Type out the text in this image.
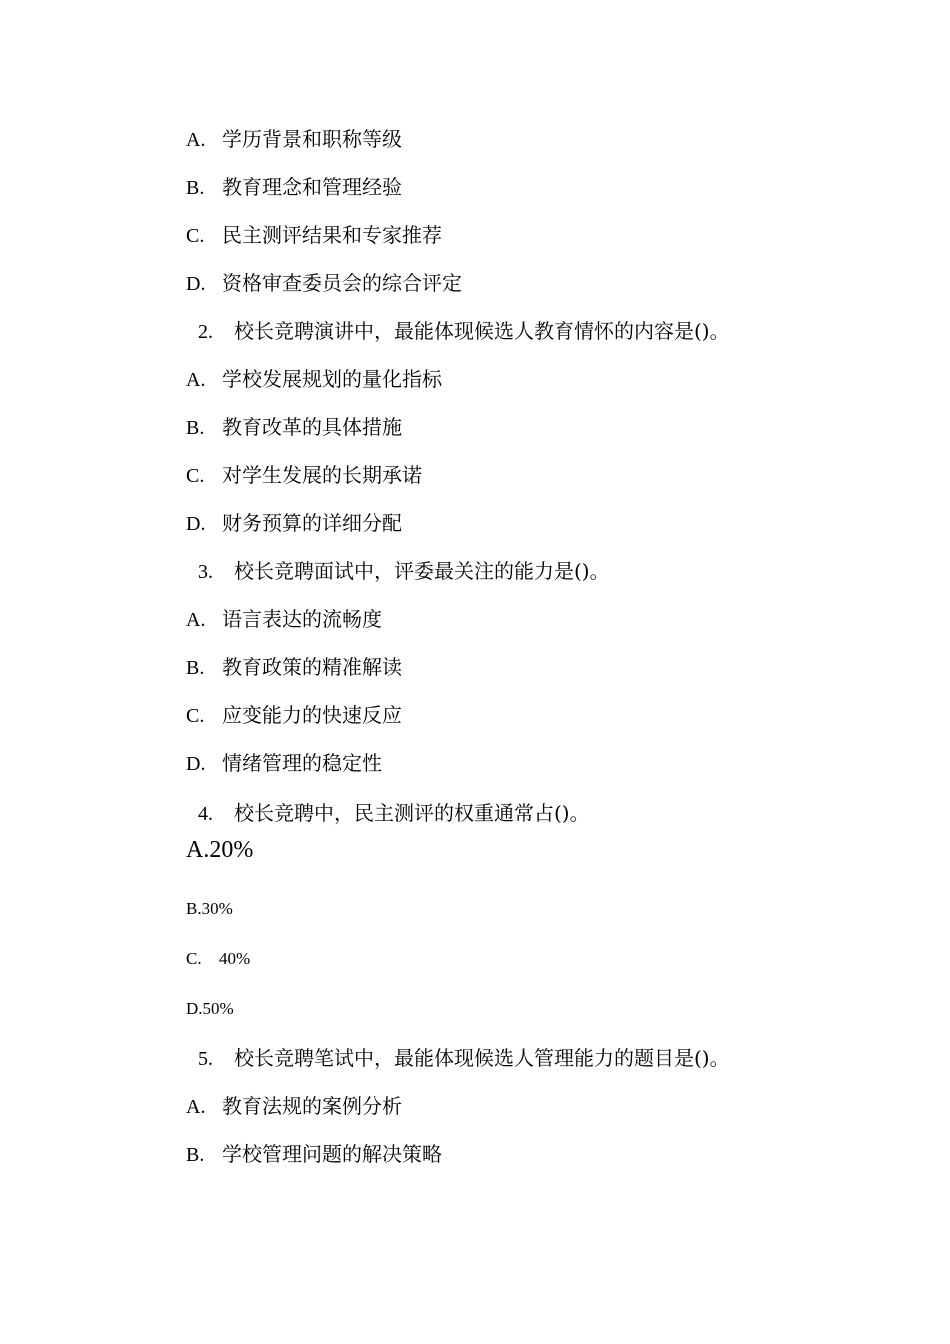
A. 学历背景和职称等级
B. 教育理念和管理经验
C. 民主测评结果和专家推荐
D. 资格审查委员会的综合评定
2. 校长竞聘演讲中，最能体现候选人教育情怀的内容是()。
A. 学校发展规划的量化指标
B. 教育改革的具体措施
C. 对学生发展的长期承诺
D. 财务预算的详细分配
3. 校长竞聘面试中，评委最关注的能力是()。
A. 语言表达的流畅度
B. 教育政策的精准解读
C. 应变能力的快速反应
D. 情绪管理的稳定性
4. 校长竞聘中，民主测评的权重通常占()。
A.20%
B.30%
C. 40%
D.50%
5. 校长竞聘笔试中，最能体现候选人管理能力的题目是()。
A. 教育法规的案例分析
B. 学校管理问题的解决策略
